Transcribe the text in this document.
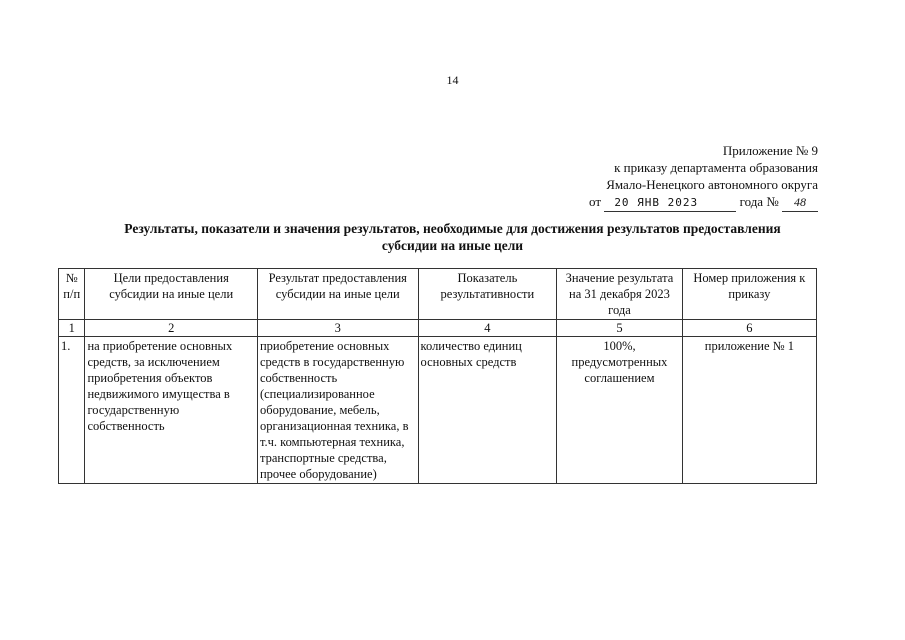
14
Приложение № 9
к приказу департамента образования
Ямало-Ненецкого автономного округа
от 20 ЯНВ 2023	года № 48
Результаты, показатели и значения результатов, необходимые для достижения результатов предоставления
субсидии на иные цели
№ п/п	Цели предоставления субсидии на иные цели	Результат предоставления субсидии на иные цели	Показатель результативности	Значение результата на 31 декабря 2023 года	Номер приложения к приказу
1	2	3	4	5	6
1.	на приобретение основных средств, за исключением приобретения объектов недвижимого имущества в государственную собственность	приобретение основных средств в государственную собственность (специализированное оборудование, мебель, организационная техника, в т.ч. компьютерная техника, транспортные средства, прочее оборудование)	количество единиц основных средств	100%, предусмотренных соглашением	приложение № 1
